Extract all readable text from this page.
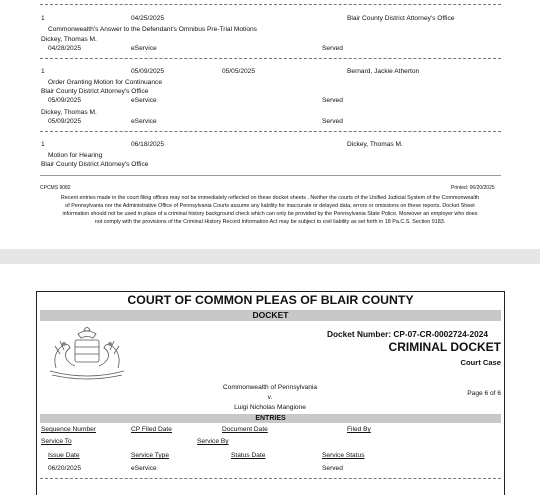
1	04/25/2025	Blair County District Attorney's Office
Commonwealth's Answer to the Defendant's Omnibus Pre-Trial Motions
Dickey, Thomas M.
04/28/2025	eService	Served
1	05/09/2025	05/05/2025	Bernard, Jackie Atherton
Order Granting Motion for Continuance
Blair County District Attorney's Office
05/09/2025	eService	Served
Dickey, Thomas M.
05/09/2025	eService	Served
1	06/18/2025	Dickey, Thomas M.
Motion for Hearing
Blair County District Attorney's Office
CPCMS 9082	Printed: 06/20/2025
Recent entries made in the court filing offices may not be immediately reflected on these docket sheets . Neither the courts of the Unified Judicial System of the Commonwealth of Pennsylvania nor the Administrative Office of Pennsylvania Courts assume any liability for inaccurate or delayed data, errors or omissions on these reports. Docket Sheet information should not be used in place of a criminal history background check which can only be provided by the Pennsylvania State Police. Moreover an employer who does not comply with the provisions of the Criminal History Record Information Act may be subject to civil liability as set forth in 18 Pa.C.S. Section 9183.
COURT OF COMMON PLEAS OF BLAIR COUNTY
DOCKET
Docket Number: CP-07-CR-0002724-2024
CRIMINAL DOCKET
Court Case
Commonwealth of Pennsylvania
v.
Luigi Nicholas Mangione
Page 6 of 6
ENTRIES
Sequence Number	CP Filed Date	Document Date	Filed By
Service To	Service By
Issue Date	Service Type	Status Date	Service Status
06/20/2025	eService	Served
